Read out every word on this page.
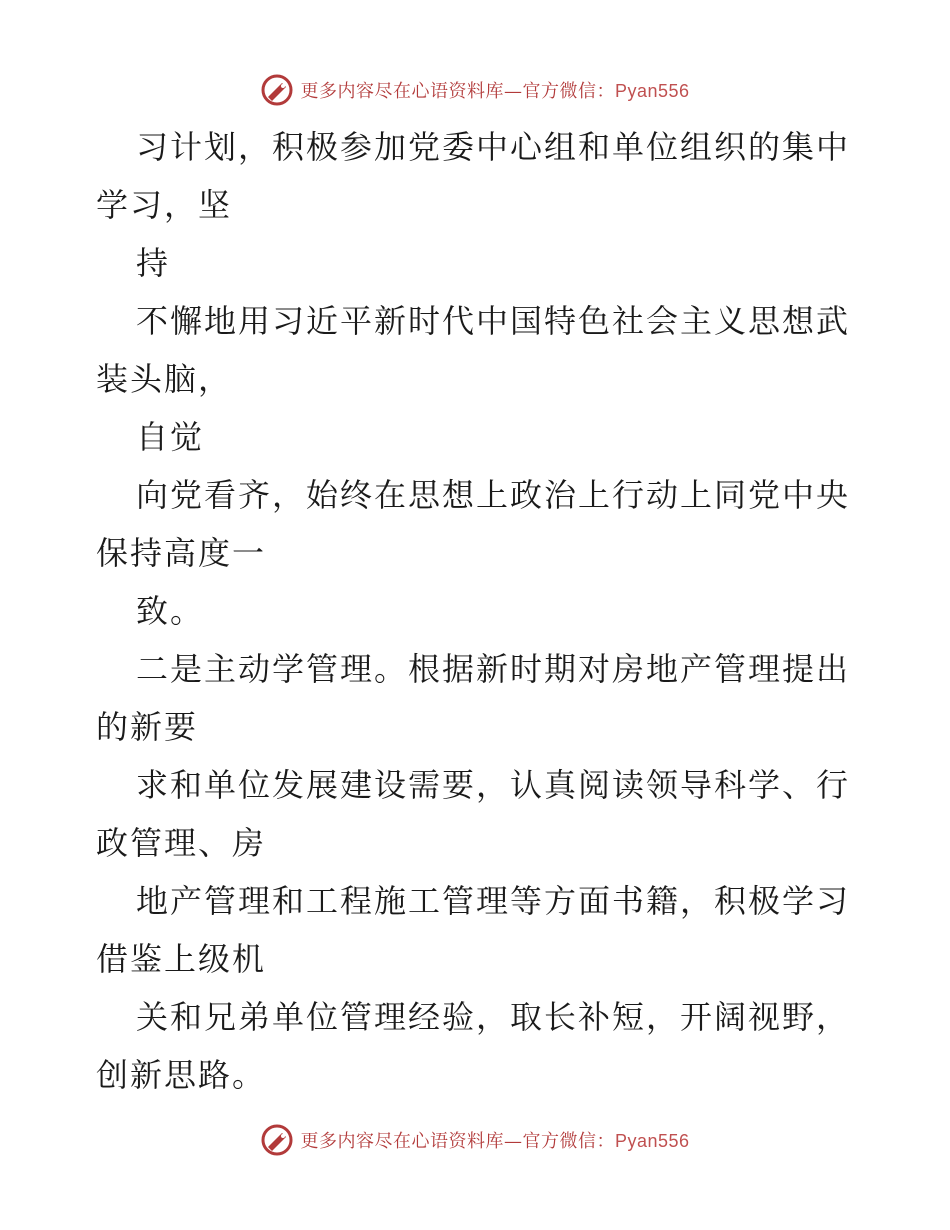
更多内容尽在心语资料库—官方微信：Pyan556
习计划，积极参加党委中心组和单位组织的集中
学习，坚
持
不懈地用习近平新时代中国特色社会主义思想武
装头脑，
自觉
向党看齐，始终在思想上政治上行动上同党中央
保持高度一
致。
二是主动学管理。根据新时期对房地产管理提出
的新要
求和单位发展建设需要，认真阅读领导科学、行
政管理、房
地产管理和工程施工管理等方面书籍，积极学习
借鉴上级机
关和兄弟单位管理经验，取长补短，开阔视野，
创新思路。
更多内容尽在心语资料库—官方微信：Pyan556
